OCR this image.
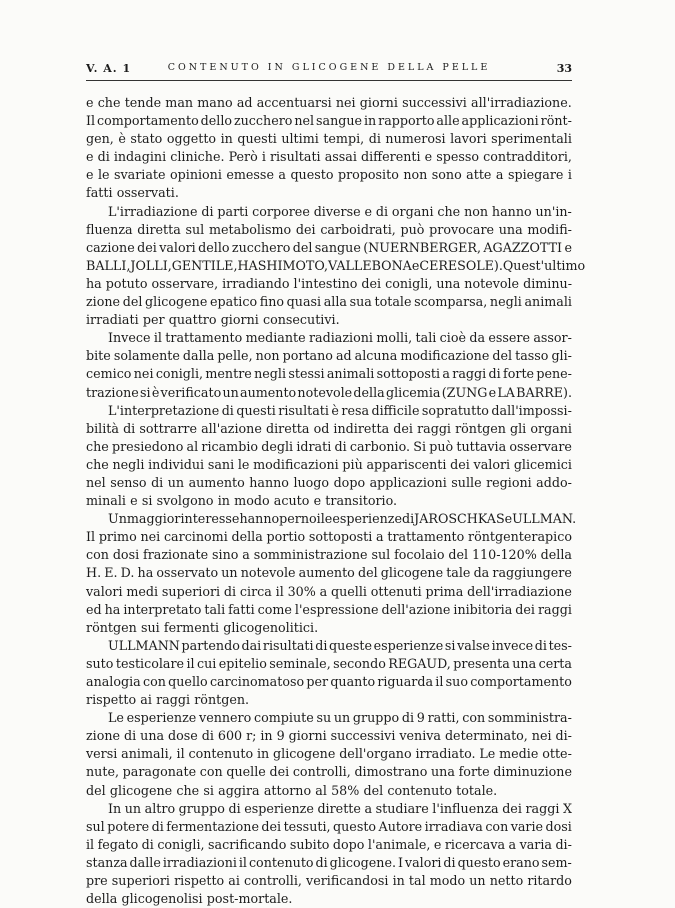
V. A. 1	CONTENUTO IN GLICOGENE DELLA PELLE	33
e che tende man mano ad accentuarsi nei giorni successivi all'irradiazione.
Il comportamento dello zucchero nel sangue in rapporto alle applicazioni rönt-
gen, è stato oggetto in questi ultimi tempi, di numerosi lavori sperimentali
e di indagini cliniche. Però i risultati assai differenti e spesso contradditori,
e le svariate opinioni emesse a questo proposito non sono atte a spiegare i
fatti osservati.
L'irradiazione di parti corporee diverse e di organi che non hanno un'in-
fluenza diretta sul metabolismo dei carboidrati, può provocare una modifi-
cazione dei valori dello zucchero del sangue (NUERNBERGER, AGAZZOTTI e
BALLI, JOLLI, GENTILE, HASHIMOTO, VALLEBONA e CERESOLE). Quest'ultimo
ha potuto osservare, irradiando l'intestino dei conigli, una notevole diminu-
zione del glicogene epatico fino quasi alla sua totale scomparsa, negli animali
irradiati per quattro giorni consecutivi.
Invece il trattamento mediante radiazioni molli, tali cioè da essere assor-
bite solamente dalla pelle, non portano ad alcuna modificazione del tasso gli-
cemico nei conigli, mentre negli stessi animali sottoposti a raggi di forte pene-
trazione si è verificato un aumento notevole della glicemia (ZUNG e LA BARRE).
L'interpretazione di questi risultati è resa difficile sopratutto dall'impossi-
bilità di sottrarre all'azione diretta od indiretta dei raggi röntgen gli organi
che presiedono al ricambio degli idrati di carbonio. Si può tuttavia osservare
che negli individui sani le modificazioni più appariscenti dei valori glicemici
nel senso di un aumento hanno luogo dopo applicazioni sulle regioni addo-
minali e si svolgono in modo acuto e transitorio.
Un maggior interesse hanno per noi le esperienze di JAROSCHKAS e ULLMAN.
Il primo nei carcinomi della portio sottoposti a trattamento röntgenterapico
con dosi frazionate sino a somministrazione sul focolaio del 110-120% della
H. E. D. ha osservato un notevole aumento del glicogene tale da raggiungere
valori medi superiori di circa il 30% a quelli ottenuti prima dell'irradiazione
ed ha interpretato tali fatti come l'espressione dell'azione inibitoria dei raggi
röntgen sui fermenti glicogenolitici.
ULLMANN partendo dai risultati di queste esperienze si valse invece di tes-
suto testicolare il cui epitelio seminale, secondo REGAUD, presenta una certa
analogia con quello carcinomatoso per quanto riguarda il suo comportamento
rispetto ai raggi röntgen.
Le esperienze vennero compiute su un gruppo di 9 ratti, con somministra-
zione di una dose di 600 r; in 9 giorni successivi veniva determinato, nei di-
versi animali, il contenuto in glicogene dell'organo irradiato. Le medie otte-
nute, paragonate con quelle dei controlli, dimostrano una forte diminuzione
del glicogene che si aggira attorno al 58% del contenuto totale.
In un altro gruppo di esperienze dirette a studiare l'influenza dei raggi X
sul potere di fermentazione dei tessuti, questo Autore irradiava con varie dosi
il fegato di conigli, sacrificando subito dopo l'animale, e ricercava a varia di-
stanza dalle irradiazioni il contenuto di glicogene. I valori di questo erano sem-
pre superiori rispetto ai controlli, verificandosi in tal modo un netto ritardo
della glicogenolisi post-mortale.
